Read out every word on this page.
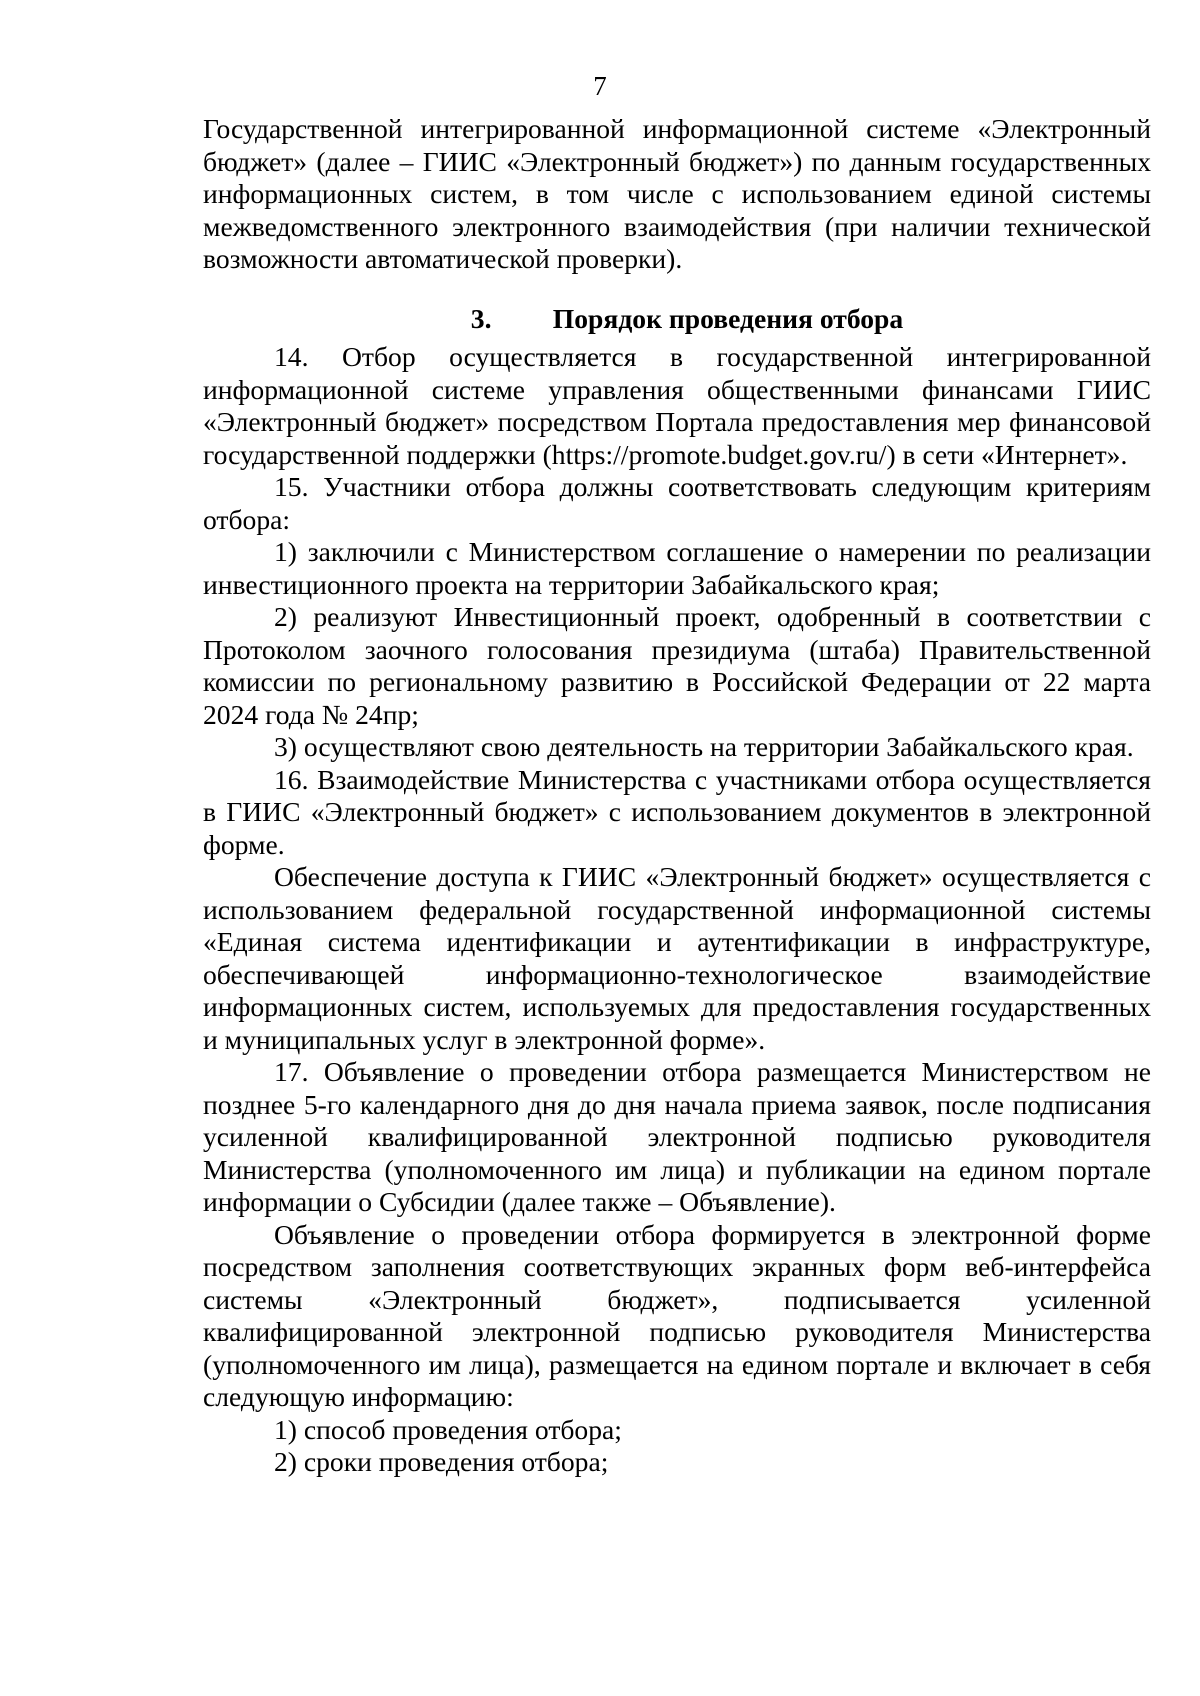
7

Государственной интегрированной информационной системе «Электронный бюджет» (далее – ГИИС «Электронный бюджет») по данным государственных информационных систем, в том числе с использованием единой системы межведомственного электронного взаимодействия (при наличии технической возможности автоматической проверки).

3. Порядок проведения отбора

14. Отбор осуществляется в государственной интегрированной информационной системе управления общественными финансами ГИИС «Электронный бюджет» посредством Портала предоставления мер финансовой государственной поддержки (https://promote.budget.gov.ru/) в сети «Интернет».

15. Участники отбора должны соответствовать следующим критериям отбора:

1) заключили с Министерством соглашение о намерении по реализации инвестиционного проекта на территории Забайкальского края;

2) реализуют Инвестиционный проект, одобренный в соответствии с Протоколом заочного голосования президиума (штаба) Правительственной комиссии по региональному развитию в Российской Федерации от 22 марта 2024 года № 24пр;

3) осуществляют свою деятельность на территории Забайкальского края.

16. Взаимодействие Министерства с участниками отбора осуществляется в ГИИС «Электронный бюджет» с использованием документов в электронной форме.

Обеспечение доступа к ГИИС «Электронный бюджет» осуществляется с использованием федеральной государственной информационной системы «Единая система идентификации и аутентификации в инфраструктуре, обеспечивающей информационно-технологическое взаимодействие информационных систем, используемых для предоставления государственных и муниципальных услуг в электронной форме».

17. Объявление о проведении отбора размещается Министерством не позднее 5-го календарного дня до дня начала приема заявок, после подписания усиленной квалифицированной электронной подписью руководителя Министерства (уполномоченного им лица) и публикации на едином портале информации о Субсидии (далее также – Объявление).

Объявление о проведении отбора формируется в электронной форме посредством заполнения соответствующих экранных форм веб-интерфейса системы «Электронный бюджет», подписывается усиленной квалифицированной электронной подписью руководителя Министерства (уполномоченного им лица), размещается на едином портале и включает в себя следующую информацию:

1) способ проведения отбора;

2) сроки проведения отбора;
